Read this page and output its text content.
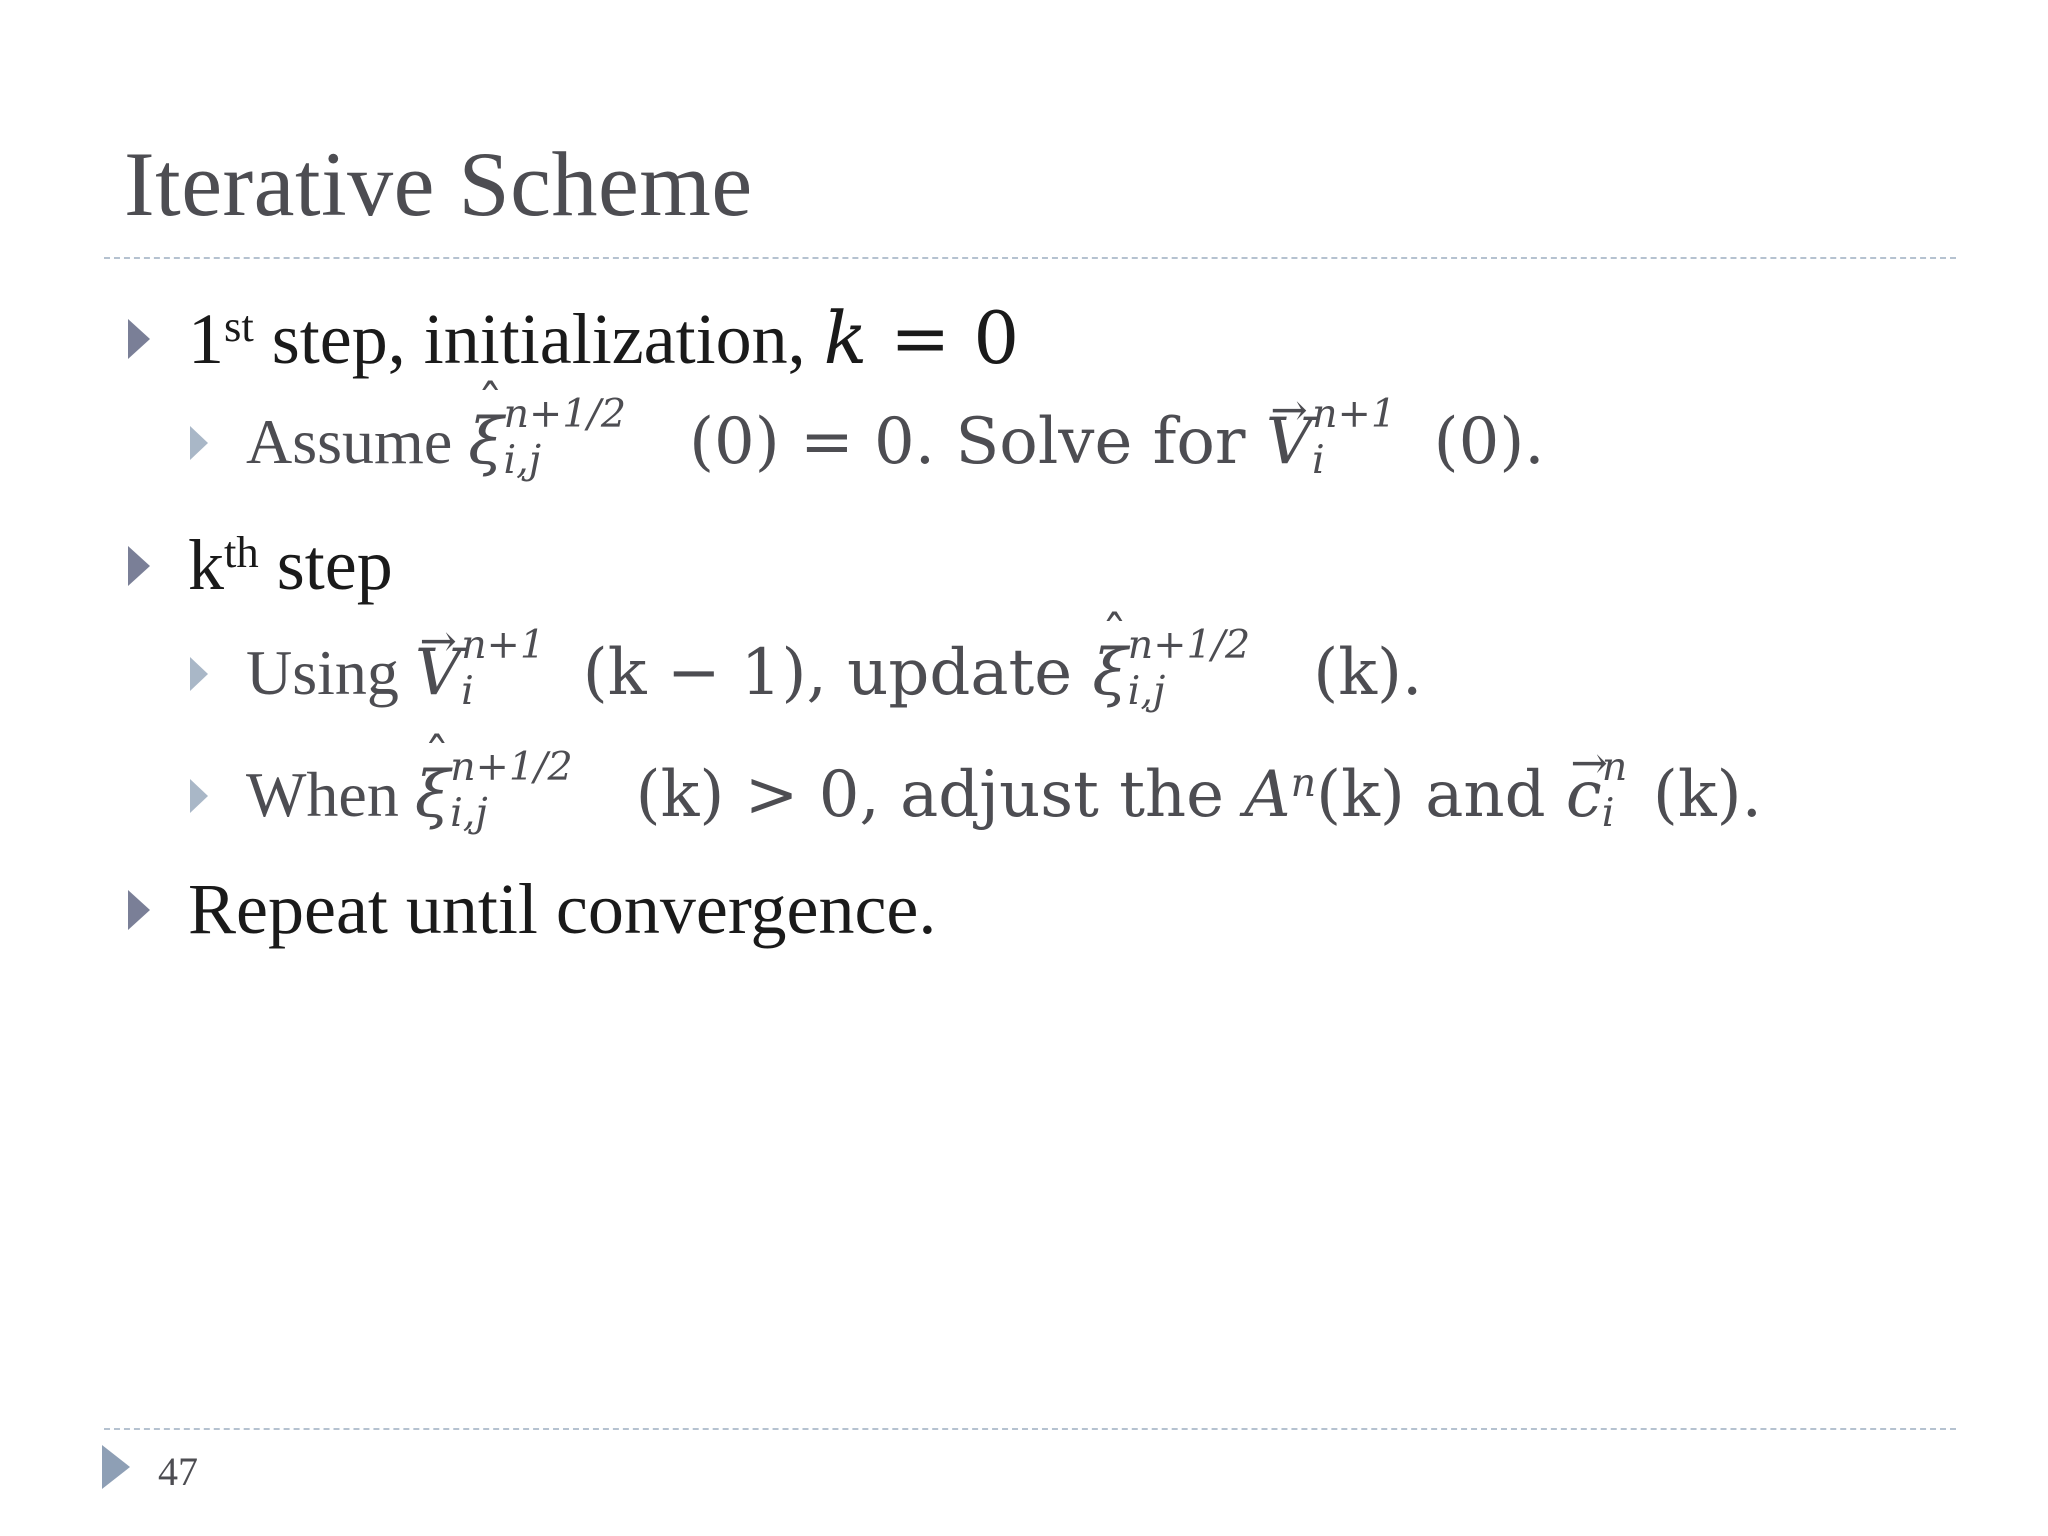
Iterative Scheme
1st step, initialization, k = 0
Assume ˆ ξ n+1/2
i,j (0) = 0. Solve for → V n+1
i (0).
$k^{th}$ step
Using → V n+1
i (k − 1), update ˆ ξ n+1/2
i,j (k).
When ˆ ξ n+1/2
i,j (k) > 0, adjust the $A^n(k)$ and → c n
i (k).
Repeat until convergence.
47
